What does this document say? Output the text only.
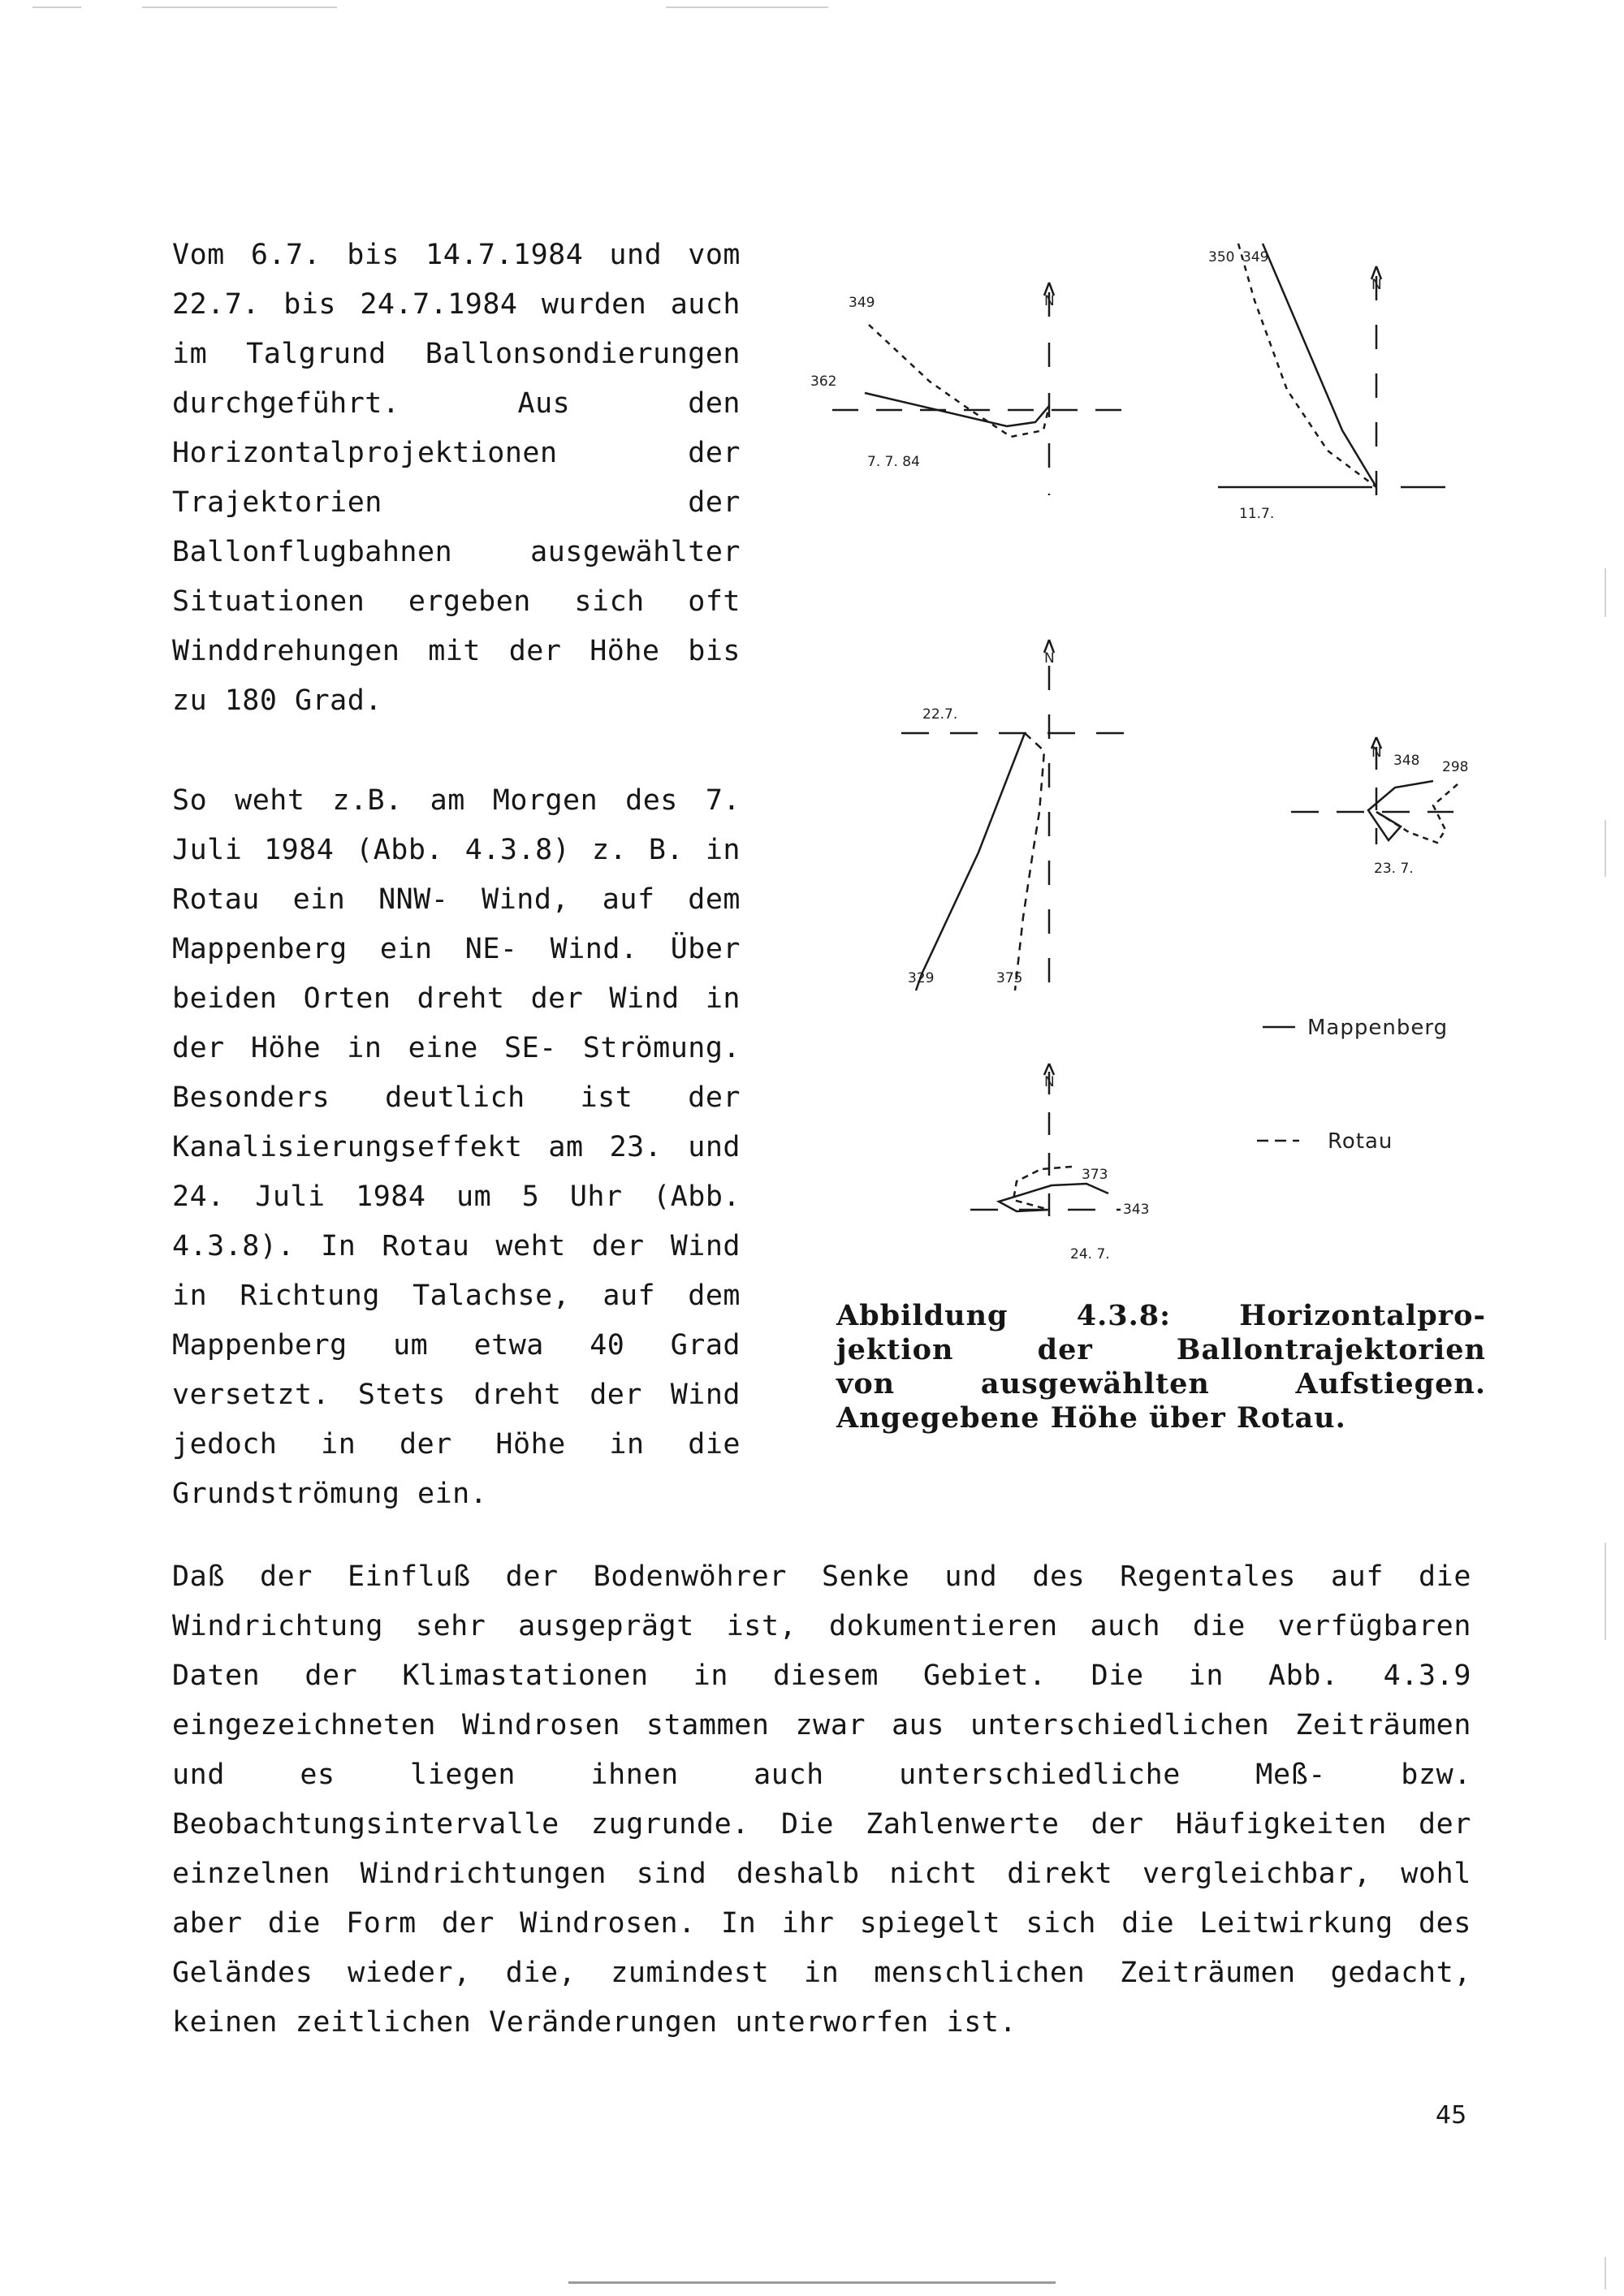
Vom 6.7. bis 14.7.1984 und vom 22.7. bis 24.7.1984 wurden auch im Talgrund Ballonsondierungen durchgeführt. Aus den Horizontalprojektionen der Trajektorien der Ballonflugbahnen ausgewählter Situationen ergeben sich oft Winddrehungen mit der Höhe bis zu 180 Grad.

So weht z.B. am Morgen des 7. Juli 1984 (Abb. 4.3.8) z. B. in Rotau ein NNW- Wind, auf dem Mappenberg ein NE- Wind. Über beiden Orten dreht der Wind in der Höhe in eine SE- Strömung. Besonders deutlich ist der Kanalisierungseffekt am 23. und 24. Juli 1984 um 5 Uhr (Abb. 4.3.8). In Rotau weht der Wind in Richtung Talachse, auf dem Mappenberg um etwa 40 Grad versetzt. Stets dreht der Wind jedoch in der Höhe in die Grundströmung ein.

349
362
7. 7. 84
N
350 349
11.7.
N
22.7.
329	375
N
348 298
23. 7.
N
373
343
24. 7.
N
Mappenberg
Rotau
Abbildung 4.3.8: Horizontalpro-
jektion der Ballontrajektorien
von ausgewählten Aufstiegen.
Angegebene Höhe über Rotau.

Daß der Einfluß der Bodenwöhrer Senke und des Regentales auf die Windrichtung sehr ausgeprägt ist, dokumentieren auch die verfügbaren Daten der Klimastationen in diesem Gebiet. Die in Abb. 4.3.9 eingezeichneten Windrosen stammen zwar aus unterschiedlichen Zeiträumen und es liegen ihnen auch unterschiedliche Meß- bzw. Beobachtungsintervalle zugrunde. Die Zahlenwerte der Häufigkeiten der einzelnen Windrichtungen sind deshalb nicht direkt vergleichbar, wohl aber die Form der Windrosen. In ihr spiegelt sich die Leitwirkung des Geländes wieder, die, zumindest in menschlichen Zeiträumen gedacht, keinen zeitlichen Veränderungen unterworfen ist.

45
